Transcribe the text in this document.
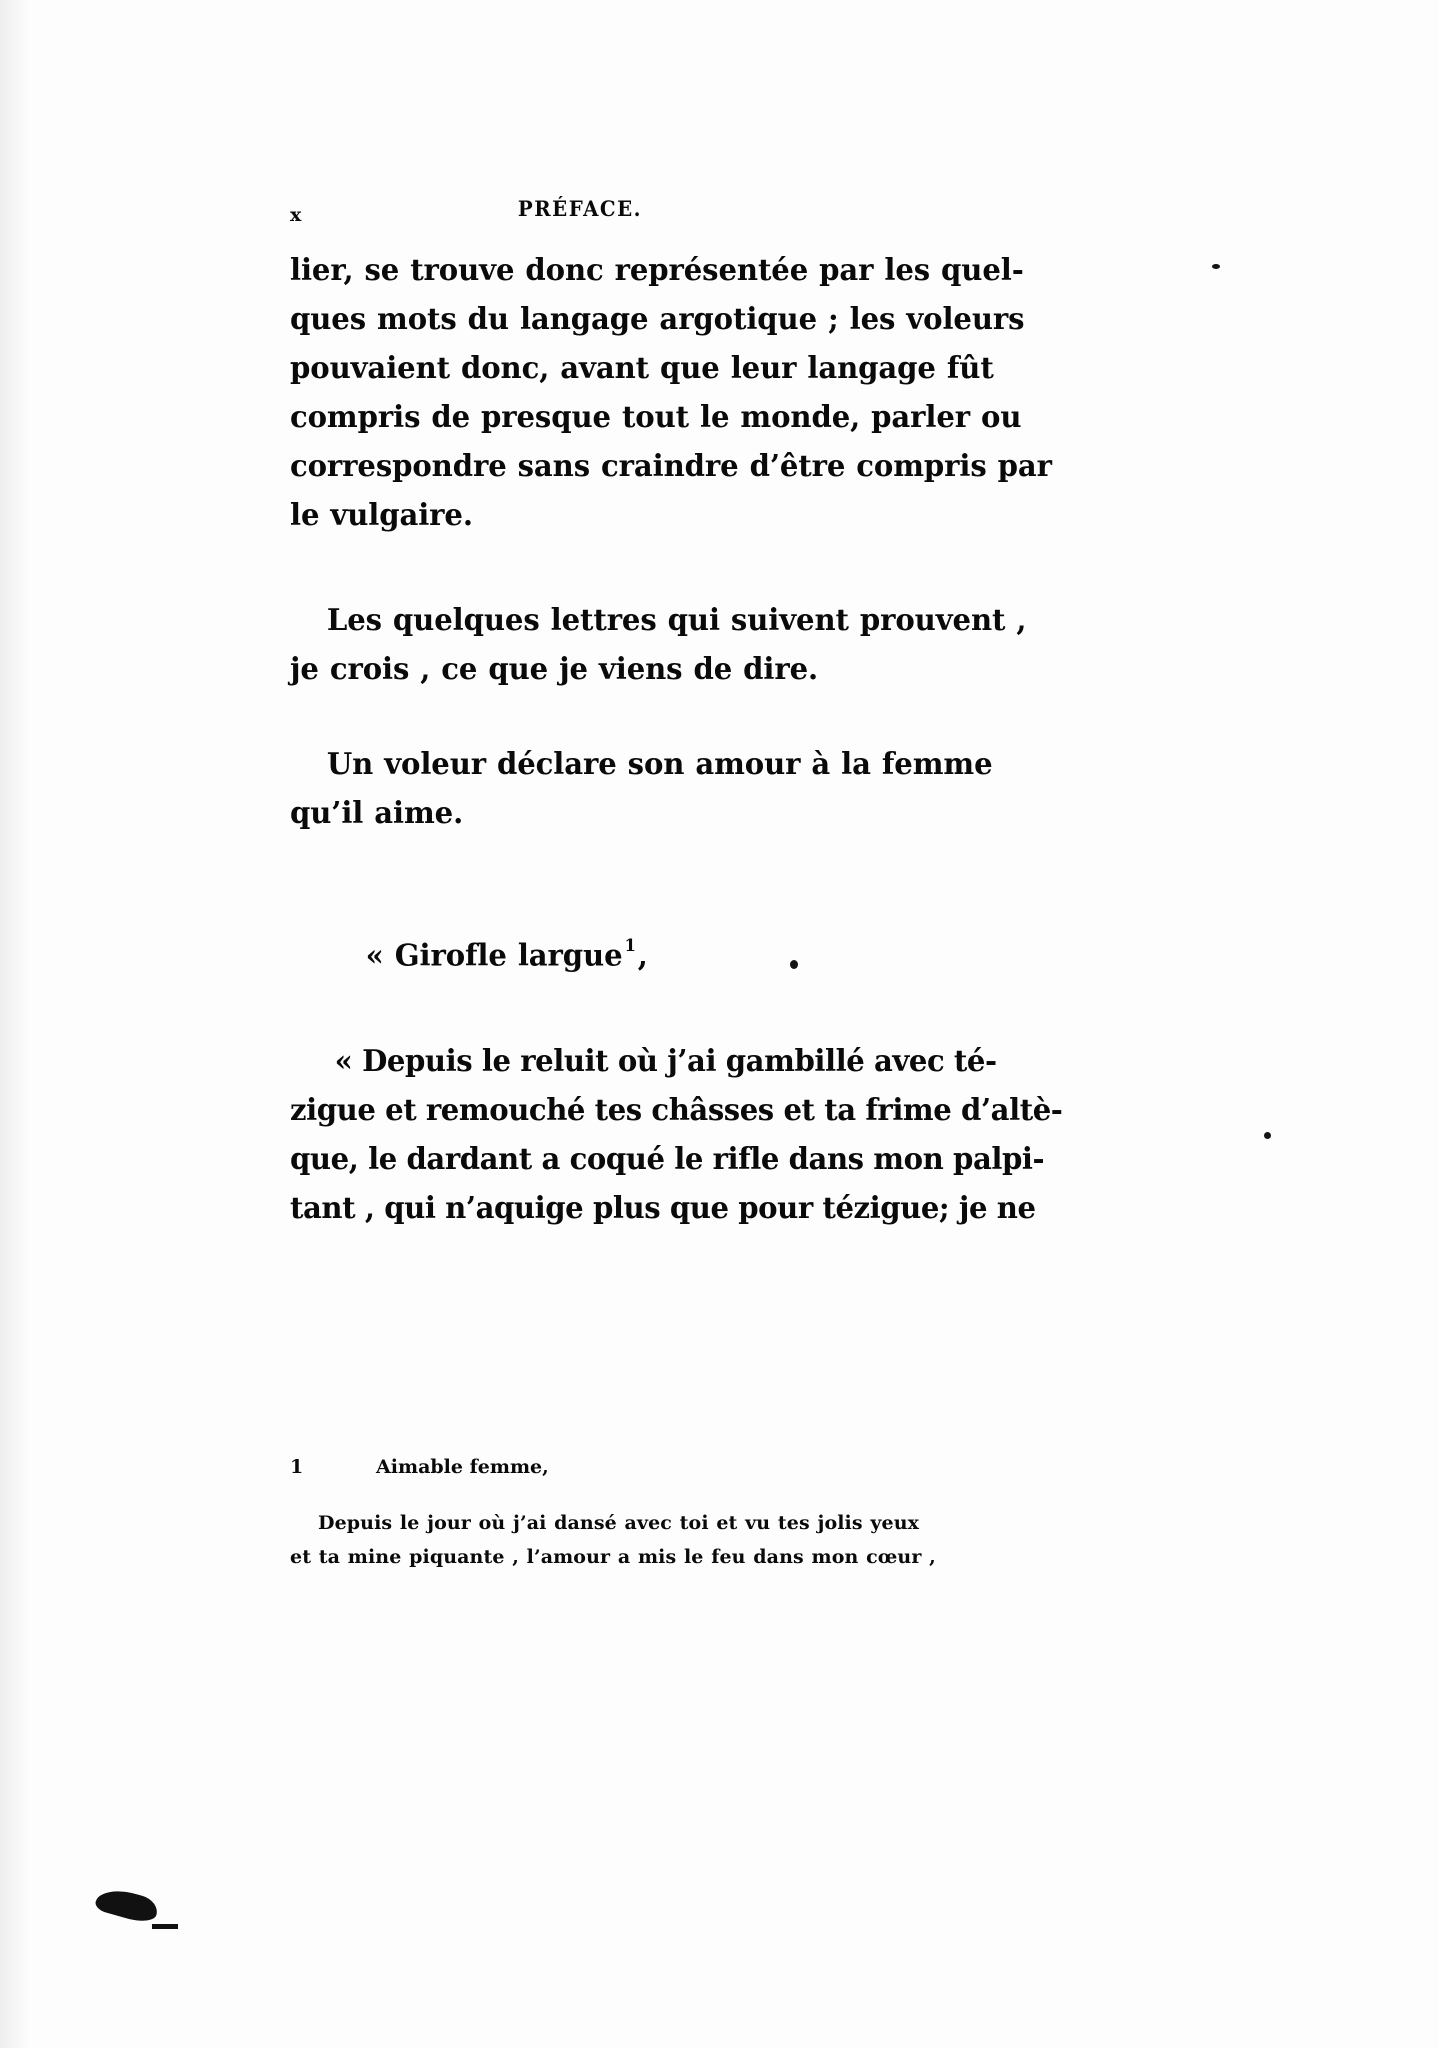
x	PRÉFACE.
lier, se trouve donc représentée par les quel-
ques mots du langage argotique ; les voleurs
pouvaient donc, avant que leur langage fût
compris de presque tout le monde, parler ou
correspondre sans craindre d’être compris par
le vulgaire.
Les quelques lettres qui suivent prouvent ,
je crois , ce que je viens de dire.
Un voleur déclare son amour à la femme
qu’il aime.
« Girofle largue $^1$,
« Depuis le reluit où j’ai gambillé avec té-
zigue et remouché tes châsses et ta frime d’altè-
que, le dardant a coqué le rifle dans mon palpi-
tant , qui n’aquige plus que pour tézigue; je ne
1	Aimable femme,
Depuis le jour où j’ai dansé avec toi et vu tes jolis yeux
et ta mine piquante , l’amour a mis le feu dans mon cœur ,
